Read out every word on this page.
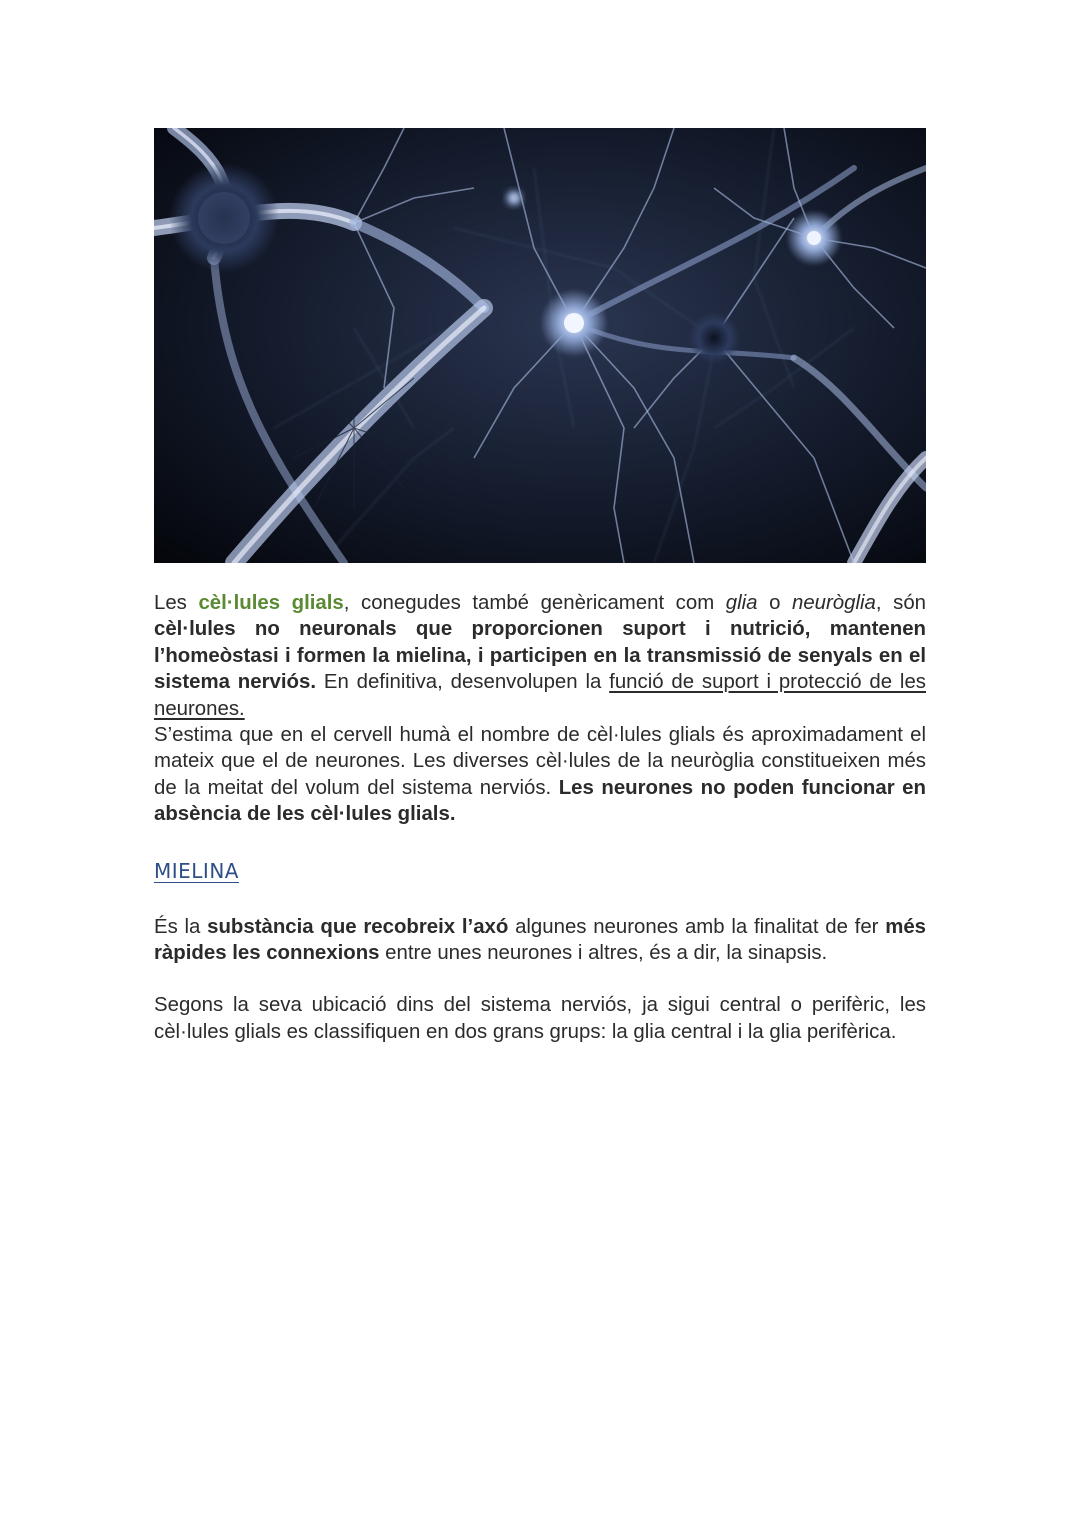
Les cèl·lules glials, conegudes també genèricament com glia o neuròglia, són cèl·lules no neuronals que proporcionen suport i nutrició, mantenen l’homeòstasi i formen la mielina, i participen en la transmissió de senyals en el sistema nerviós. En definitiva, desenvolupen la funció de suport i protecció de les neurones.

S’estima que en el cervell humà el nombre de cèl·lules glials és aproximadament el mateix que el de neurones. Les diverses cèl·lules de la neuròglia constitueixen més de la meitat del volum del sistema nerviós. Les neurones no poden funcionar en absència de les cèl·lules glials.

MIELINA

És la substància que recobreix l’axó algunes neurones amb la finalitat de fer més ràpides les connexions entre unes neurones i altres, és a dir, la sinapsis.

Segons la seva ubicació dins del sistema nerviós, ja sigui central o perifèric, les cèl·lules glials es classifiquen en dos grans grups: la glia central i la glia perifèrica.
